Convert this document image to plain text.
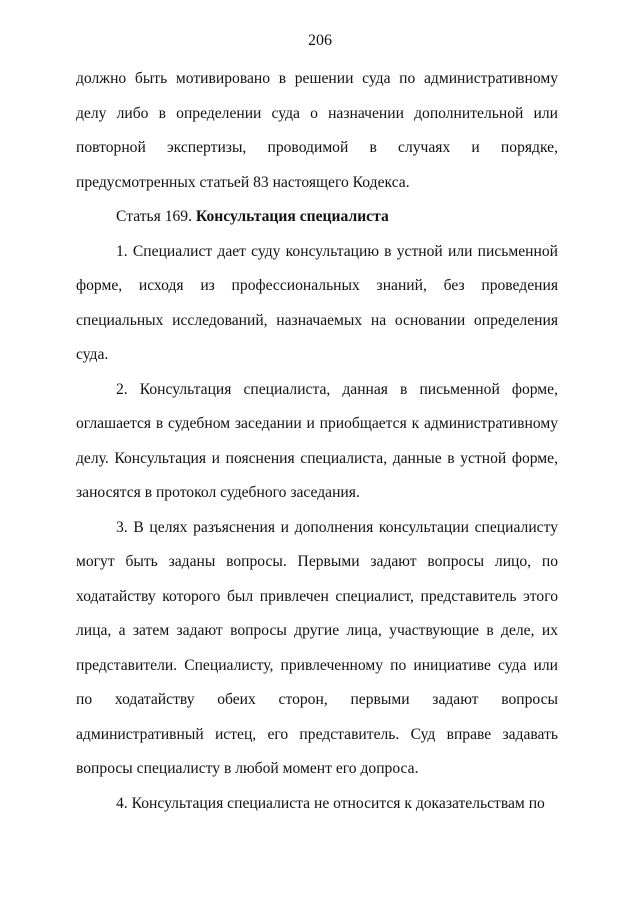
206

должно быть мотивировано в решении суда по административному делу либо в определении суда о назначении дополнительной или повторной экспертизы, проводимой в случаях и порядке, предусмотренных статьей 83 настоящего Кодекса.

Статья 169. Консультация специалиста

1. Специалист дает суду консультацию в устной или письменной форме, исходя из профессиональных знаний, без проведения специальных исследований, назначаемых на основании определения суда.

2. Консультация специалиста, данная в письменной форме, оглашается в судебном заседании и приобщается к административному делу. Консультация и пояснения специалиста, данные в устной форме, заносятся в протокол судебного заседания.

3. В целях разъяснения и дополнения консультации специалисту могут быть заданы вопросы. Первыми задают вопросы лицо, по ходатайству которого был привлечен специалист, представитель этого лица, а затем задают вопросы другие лица, участвующие в деле, их представители. Специалисту, привлеченному по инициативе суда или по ходатайству обеих сторон, первыми задают вопросы административный истец, его представитель. Суд вправе задавать вопросы специалисту в любой момент его допроса.

4. Консультация специалиста не относится к доказательствам по
